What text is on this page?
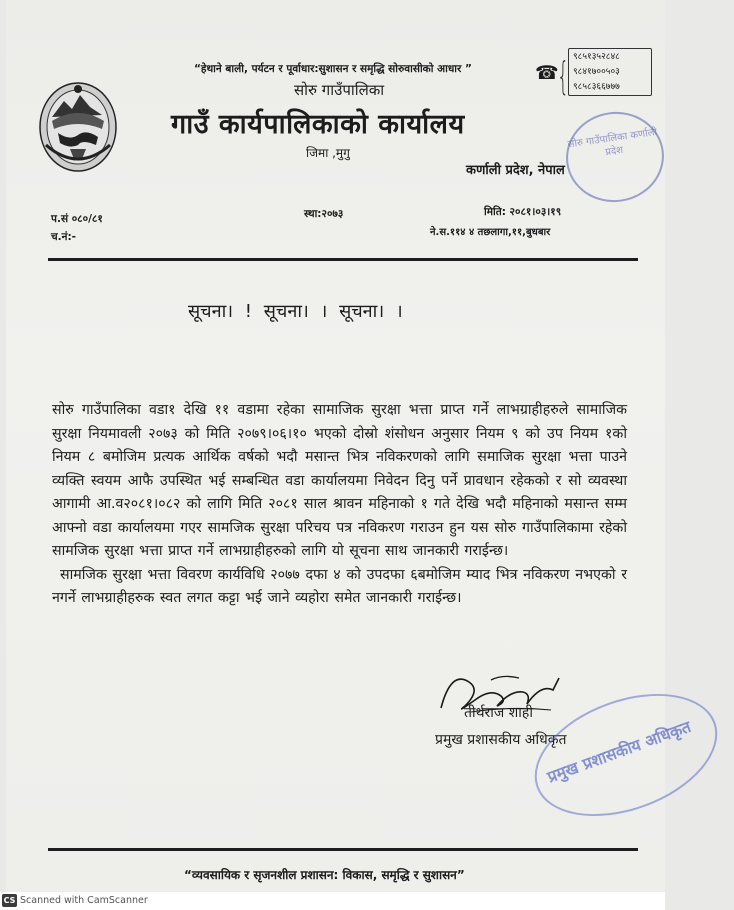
“हेथाने बाली, पर्यटन र पूर्वाधार:सुशासन र समृद्धि सोरुवासीको आधार ”
सोरु गाउँपालिका
गाउँ कार्यपालिकाको कार्यालय
जिमा ,मुगु
कर्णाली प्रदेश, नेपाल
☎
{ ९८५१३५२८४८
९८४१७००५०३
९८५८३६६७७७
सोरु गाउँपालिका कर्णाली प्रदेश
प.सं ०८०/८१
च.नं:-
स्था:२०७३	मिति: २०८१।०३।१९
ने.स.११४ ४ तछलागा,११,बुधबार
सूचना। ! सूचना। । सूचना। ।

सोरु गाउँपालिका वडा१ देखि ११ वडामा रहेका सामाजिक सुरक्षा भत्ता प्राप्त गर्ने लाभग्राहीहरुले सामाजिक सुरक्षा नियमावली २०७३ को मिति २०७९।०६।१० भएको दोस्रो शंसोधन अनुसार नियम ९ को उप नियम १को नियम ८ बमोजिम प्रत्यक आर्थिक वर्षको भदौ मसान्त भित्र नविकरणको लागि समाजिक सुरक्षा भत्ता पाउने व्यक्ति स्वयम आफै उपस्थित भई सम्बन्धित वडा कार्यालयमा निवेदन दिनु पर्ने प्रावधान रहेकको र सो व्यवस्था आगामी आ.व२०८१।०८२ को लागि मिति २०८१ साल श्रावन महिनाको १ गते देखि भदौ महिनाको मसान्त सम्म आफ्नो वडा कार्यालयमा गएर सामजिक सुरक्षा परिचय पत्र नविकरण गराउन हुन यस सोरु गाउँपालिकामा रहेको सामजिक सुरक्षा भत्ता प्राप्त गर्ने लाभग्राहीहरुको लागि यो सूचना साथ जानकारी गराईन्छ।

सामजिक सुरक्षा भत्ता विवरण कार्यविधि २०७७ दफा ४ को उपदफा ६बमोजिम म्याद भित्र नविकरण नभएको र नगर्ने लाभग्राहीहरुक स्वत लगत कट्टा भई जाने व्यहोरा समेत जानकारी गराईन्छ।

तीर्थराज शाही
प्रमुख प्रशासकीय अधिकृत
प्रमुख प्रशासकीय अधिकृत
“व्यवसायिक र सृजनशील प्रशासन: विकास, समृद्धि र सुशासन”
CS Scanned with CamScanner
